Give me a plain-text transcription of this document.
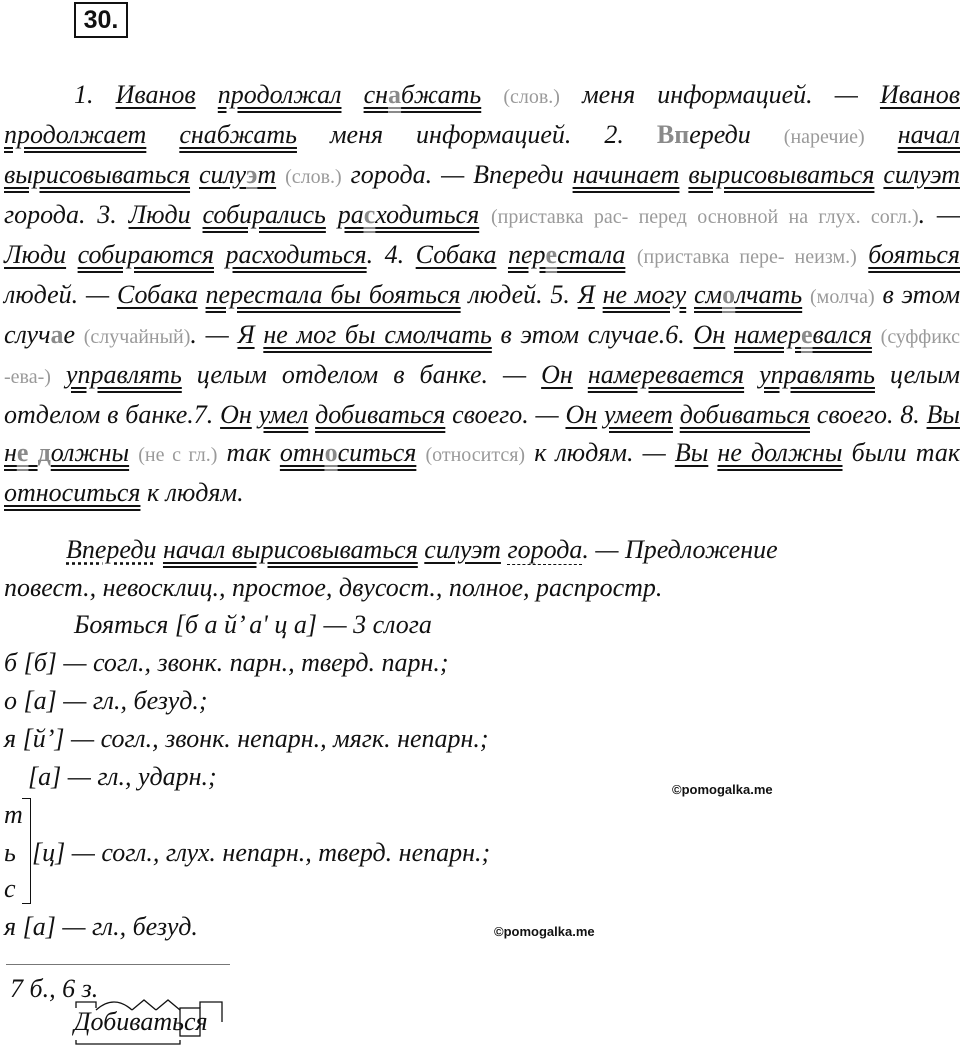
30.

1. Иванов продолжал снабжать (слов.) меня информацией. — Иванов продолжает снабжать меня информацией. 2. Впереди (наречие) начал вырисовываться силуэт (слов.) города. — Впереди начинает вырисовываться силуэт города. 3. Люди собирались расходиться (приставка рас- перед основной на глух. согл.). — Люди собираются расходиться. 4. Собака перестала (приставка пере- неизм.) бояться людей. — Собака перестала бы бояться людей. 5. Я не могу смолчать (молча) в этом случае (случайный). — Я не мог бы смолчать в этом случае.6. Он намеревался (суффикс -ева-) управлять целым отделом в банке. — Он намеревается управлять целым отделом в банке.7. Он умел добиваться своего. — Он умеет добиваться своего. 8. Вы не должны (не с гл.) так относиться (относится) к людям. — Вы не должны были так относиться к людям.

Впереди начал вырисовываться силуэт города. — Предложение

повест., невосклиц., простое, двусост., полное, распростр.

Бояться [б а й’ а' ц а] — 3 слога
б [б] — согл., звонк. парн., тверд. парн.;
о [а] — гл., безуд.;
я [й’] — согл., звонк. непарн., мягк. непарн.;
[а] — гл., ударн.;
т
ь [ц] — согл., глух. непарн., тверд. непарн.;
с
я [а] — гл., безуд.
7 б., 6 з.
Добиваться
©pomogalka.me
©pomogalka.me
